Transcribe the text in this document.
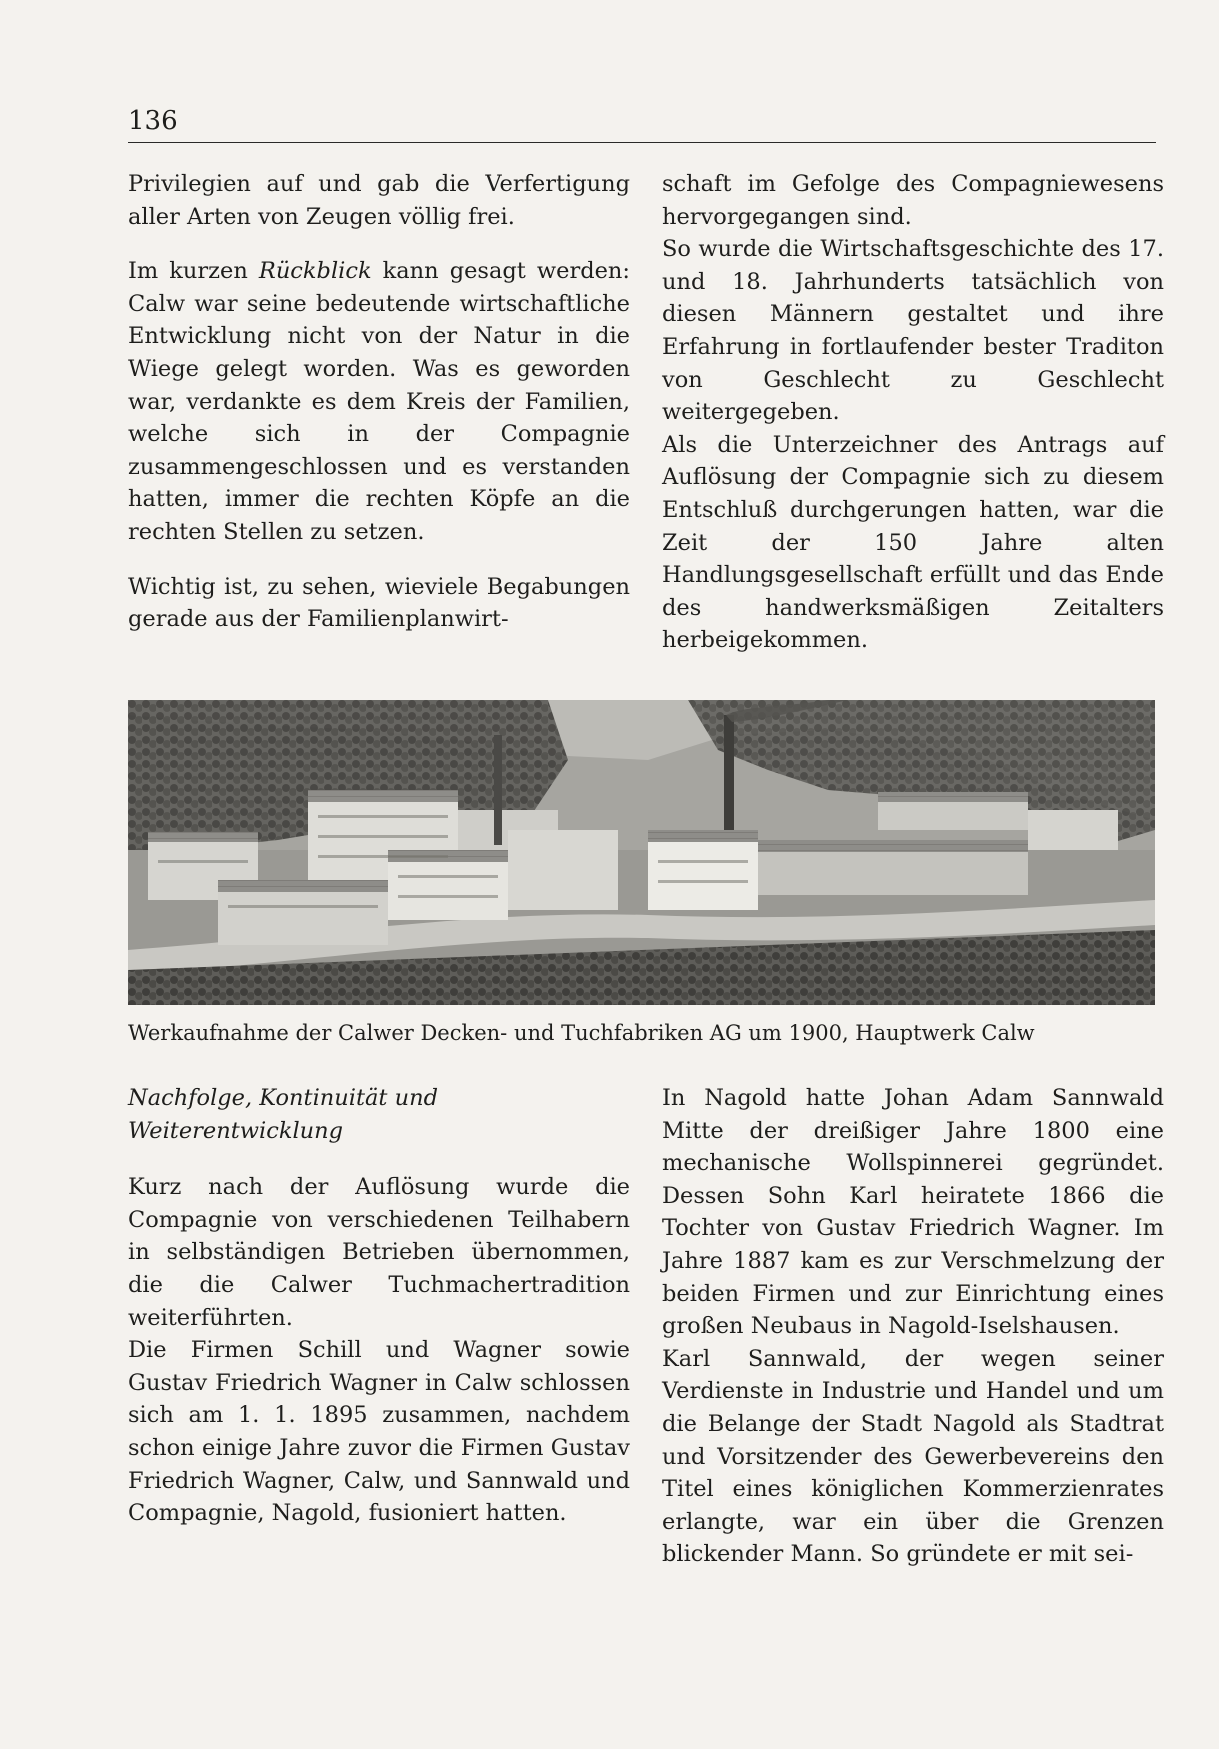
136

Privilegien auf und gab die Verfertigung aller Arten von Zeugen völlig frei.

Im kurzen Rückblick kann gesagt werden: Calw war seine bedeutende wirtschaftliche Entwicklung nicht von der Natur in die Wiege gelegt worden. Was es geworden war, verdankte es dem Kreis der Familien, welche sich in der Compagnie zusammengeschlossen und es verstanden hatten, immer die rechten Köpfe an die rechten Stellen zu setzen.

Wichtig ist, zu sehen, wieviele Begabungen gerade aus der Familienplanwirt-

schaft im Gefolge des Compagniewesens hervorgegangen sind.

So wurde die Wirtschaftsgeschichte des 17. und 18. Jahrhunderts tatsächlich von diesen Männern gestaltet und ihre Erfahrung in fortlaufender bester Traditon von Geschlecht zu Geschlecht weitergegeben.

Als die Unterzeichner des Antrags auf Auflösung der Compagnie sich zu diesem Entschluß durchgerungen hatten, war die Zeit der 150 Jahre alten Handlungsgesellschaft erfüllt und das Ende des handwerksmäßigen Zeitalters herbeigekommen.

Werkaufnahme der Calwer Decken- und Tuchfabriken AG um 1900, Hauptwerk Calw

Nachfolge, Kontinuität und
Weiterentwicklung

Kurz nach der Auflösung wurde die Compagnie von verschiedenen Teilhabern in selbständigen Betrieben übernommen, die die Calwer Tuchmachertradition weiterführten.

Die Firmen Schill und Wagner sowie Gustav Friedrich Wagner in Calw schlossen sich am 1. 1. 1895 zusammen, nachdem schon einige Jahre zuvor die Firmen Gustav Friedrich Wagner, Calw, und Sannwald und Compagnie, Nagold, fusioniert hatten.

In Nagold hatte Johan Adam Sannwald Mitte der dreißiger Jahre 1800 eine mechanische Wollspinnerei gegründet. Dessen Sohn Karl heiratete 1866 die Tochter von Gustav Friedrich Wagner. Im Jahre 1887 kam es zur Verschmelzung der beiden Firmen und zur Einrichtung eines großen Neubaus in Nagold-Iselshausen.

Karl Sannwald, der wegen seiner Verdienste in Industrie und Handel und um die Belange der Stadt Nagold als Stadtrat und Vorsitzender des Gewerbevereins den Titel eines königlichen Kommerzienrates erlangte, war ein über die Grenzen blickender Mann. So gründete er mit sei-
